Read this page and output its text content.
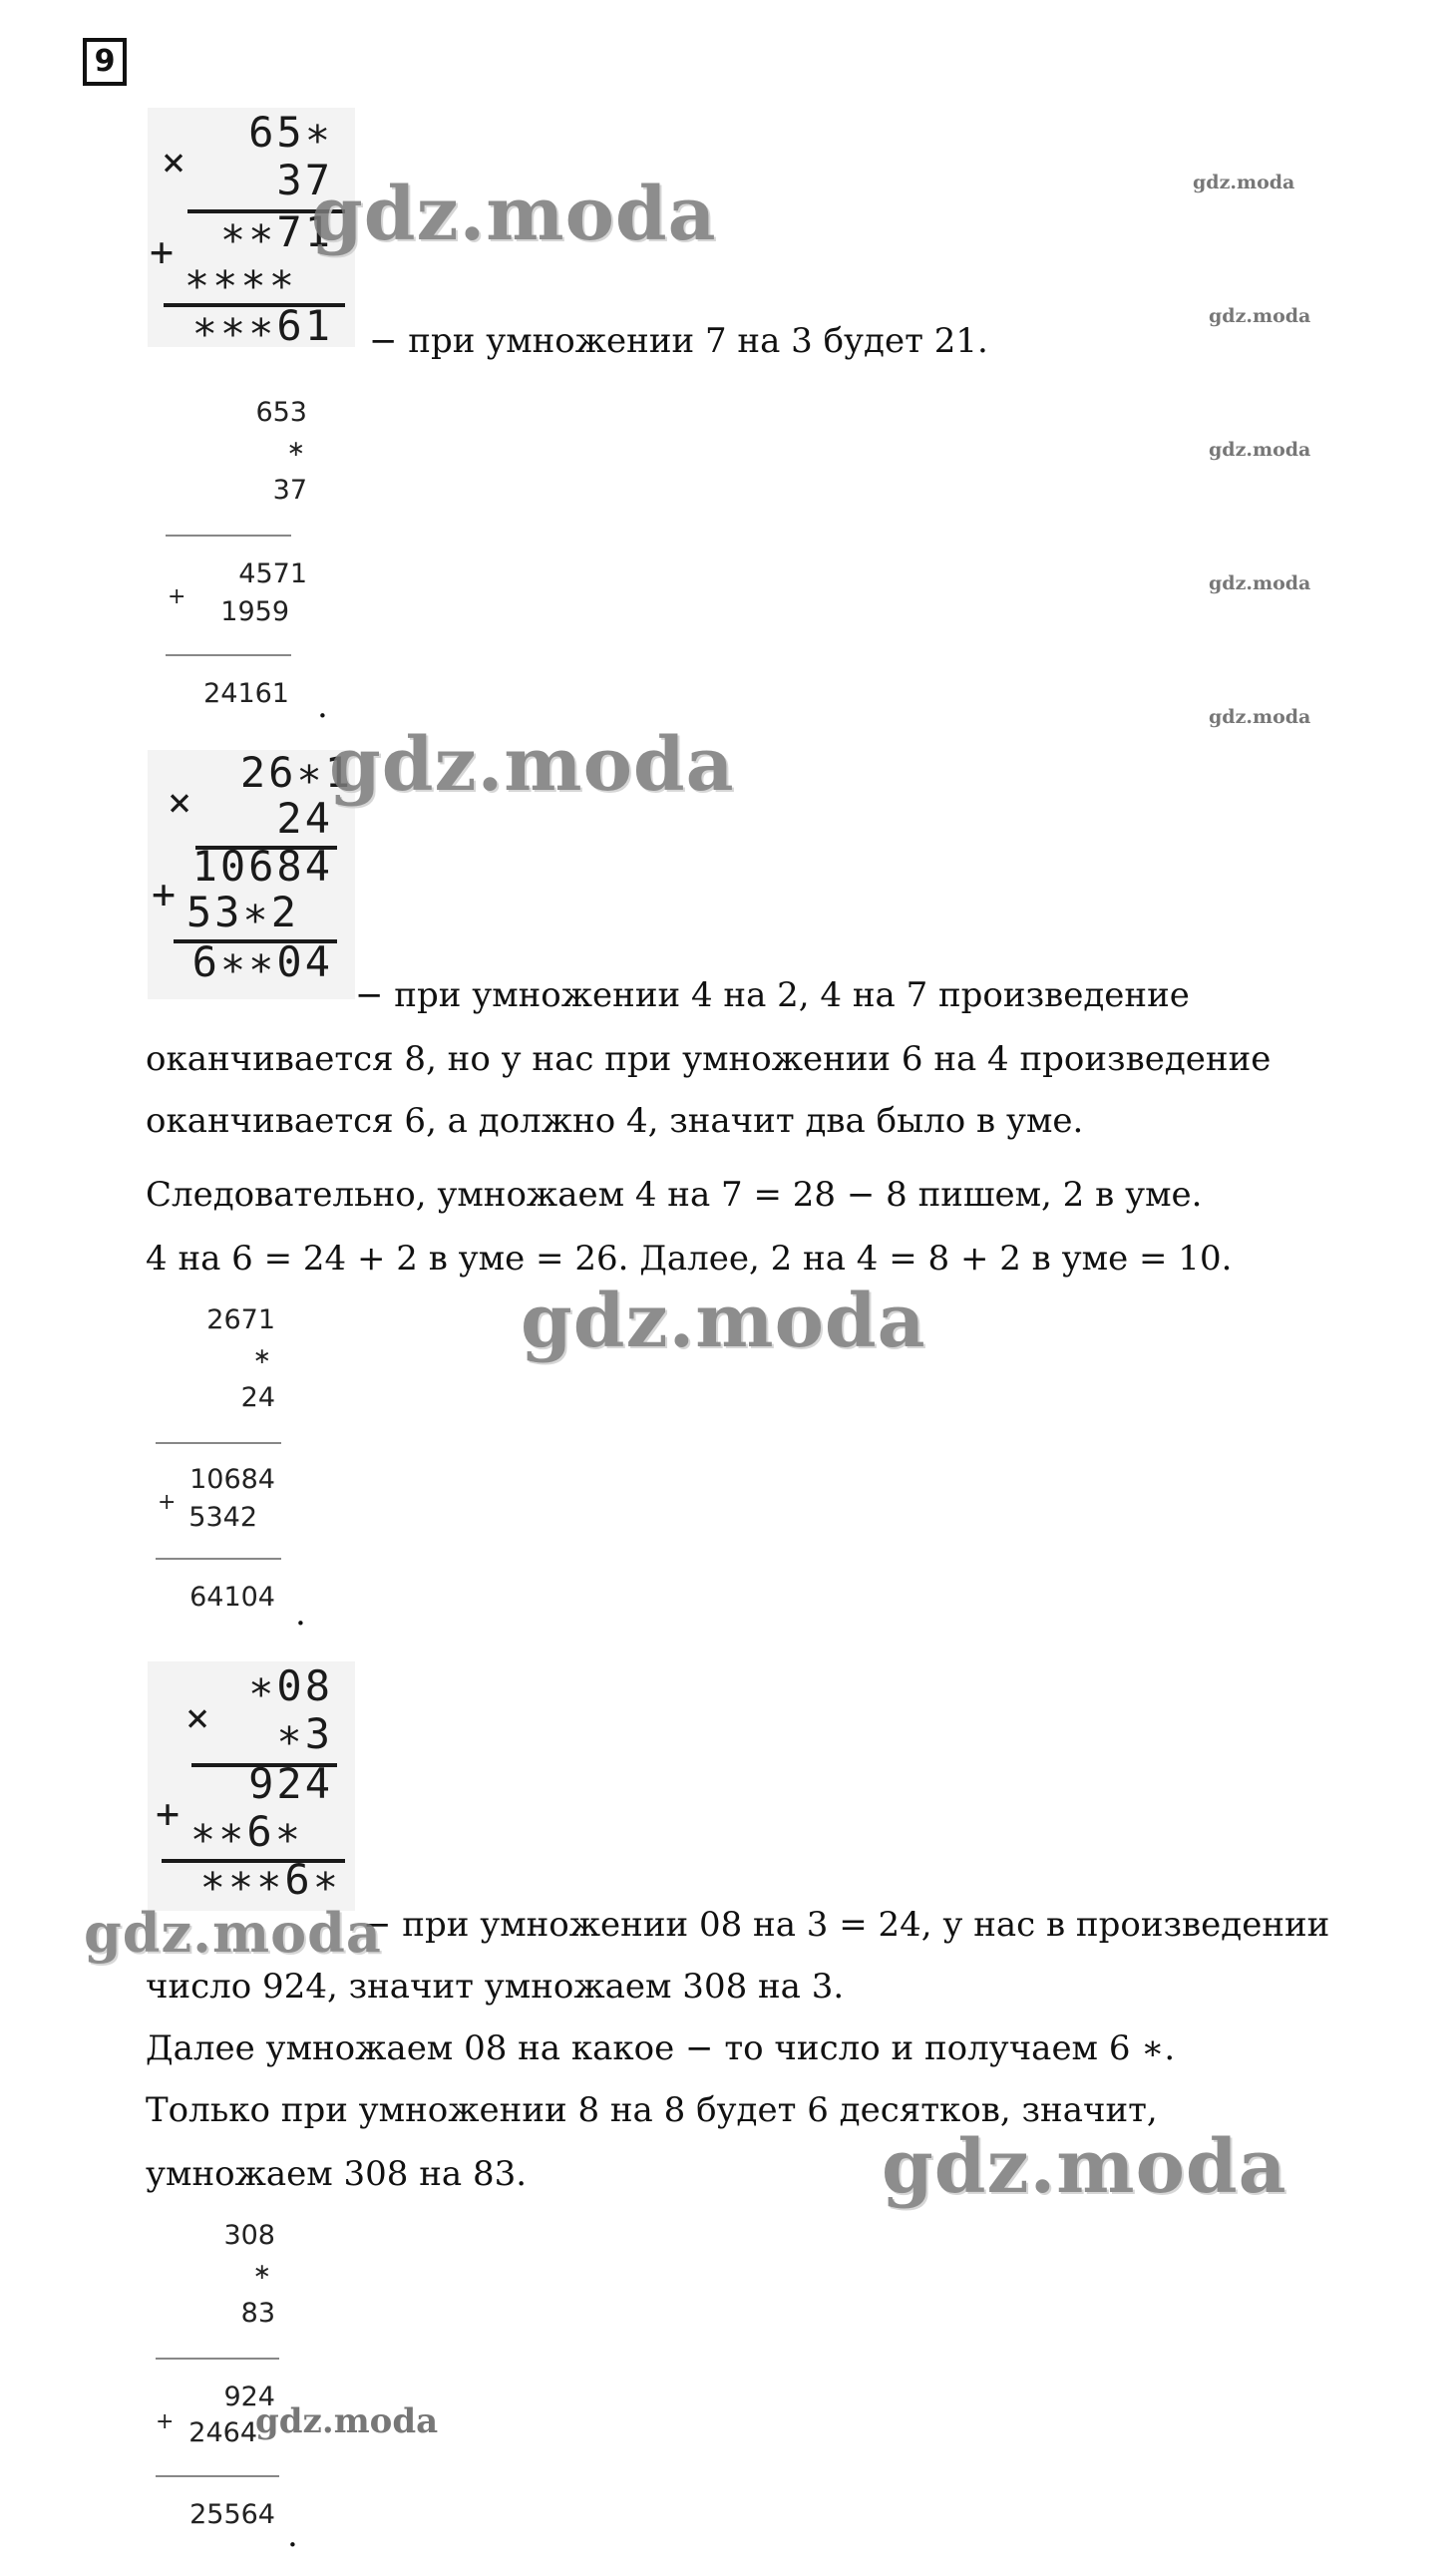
9
×
65∗
37
∗∗71
+
∗∗∗∗
∗∗∗61 − при умножении 7 на 3 будет 21.
653
∗
37
4571
+ 1959
24161 .
26∗1
× 24
10684
+ 53∗2
6∗∗04
− при умножении 4 на 2, 4 на 7 произведение
оканчивается 8, но у нас при умножении 6 на 4 произведение
оканчивается 6, а должно 4, значит два было в уме.
Следовательно, умножаем 4 на 7 = 28 − 8 пишем, 2 в уме.
4 на 6 = 24 + 2 в уме = 26. Далее, 2 на 4 = 8 + 2 в уме = 10.
2671
∗
24
10684
+ 5342
64104 .
∗08
× ∗3
924
+ ∗∗6∗
∗∗∗6∗
− при умножении 08 на 3 = 24, у нас в произведении
число 924, значит умножаем 308 на 3.
Далее умножаем 08 на какое − то число и получаем 6 ∗.
Только при умножении 8 на 8 будет 6 десятков, значит,
умножаем 308 на 83.
308
∗
83
924
+ 2464
25564
.
gdz.moda
gdz.moda
gdz.moda
gdz.moda
gdz.moda
gdz.moda
gdz.moda
gdz.moda
gdz.moda
gdz.moda
gdz.moda
